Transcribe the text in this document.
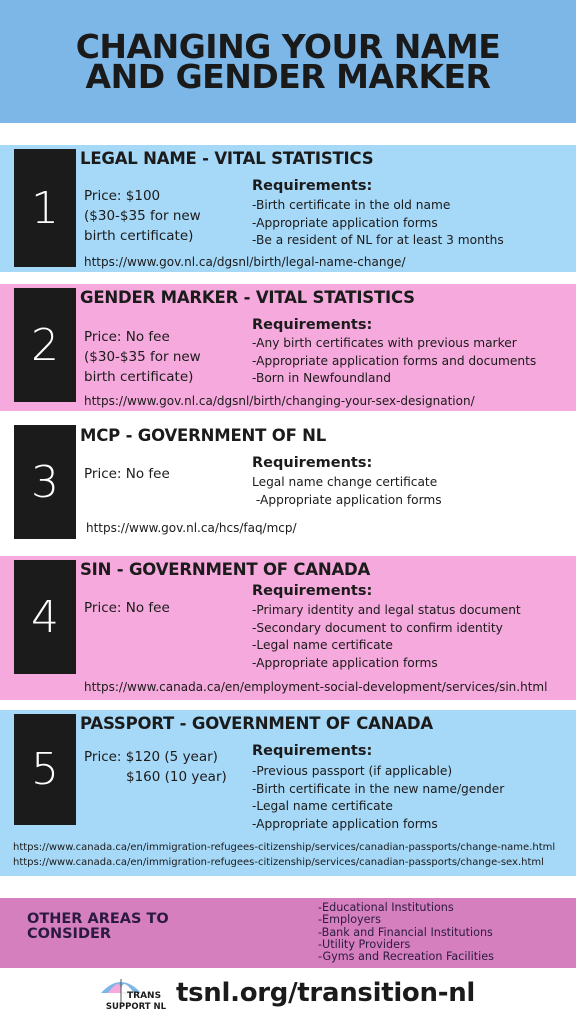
CHANGING YOUR NAME AND GENDER MARKER
1
LEGAL NAME - VITAL STATISTICS
Price: $100
($30-$35 for new
birth certificate)
Requirements:
-Birth certificate in the old name
-Appropriate application forms
-Be a resident of NL for at least 3 months
https://www.gov.nl.ca/dgsnl/birth/legal-name-change/
2
GENDER MARKER - VITAL STATISTICS
Price: No fee
($30-$35 for new
birth certificate)
Requirements:
-Any birth certificates with previous marker
-Appropriate application forms and documents
-Born in Newfoundland
https://www.gov.nl.ca/dgsnl/birth/changing-your-sex-designation/
3
MCP - GOVERNMENT OF NL
Price: No fee
Requirements:
Legal name change certificate
-Appropriate application forms
https://www.gov.nl.ca/hcs/faq/mcp/
4
SIN - GOVERNMENT OF CANADA
Price: No fee
Requirements:
-Primary identity and legal status document
-Secondary document to confirm identity
-Legal name certificate
-Appropriate application forms
https://www.canada.ca/en/employment-social-development/services/sin.html
5
PASSPORT - GOVERNMENT OF CANADA
Price: $120 (5 year)
$160 (10 year)
Requirements:
-Previous passport (if applicable)
-Birth certificate in the new name/gender
-Legal name certificate
-Appropriate application forms
https://www.canada.ca/en/immigration-refugees-citizenship/services/canadian-passports/change-name.html
https://www.canada.ca/en/immigration-refugees-citizenship/services/canadian-passports/change-sex.html
OTHER AREAS TO CONSIDER
-Educational Institutions
-Employers
-Bank and Financial Institutions
-Utility Providers
-Gyms and Recreation Facilities
TRANS
SUPPORT NL tsnl.org/transition-nl
